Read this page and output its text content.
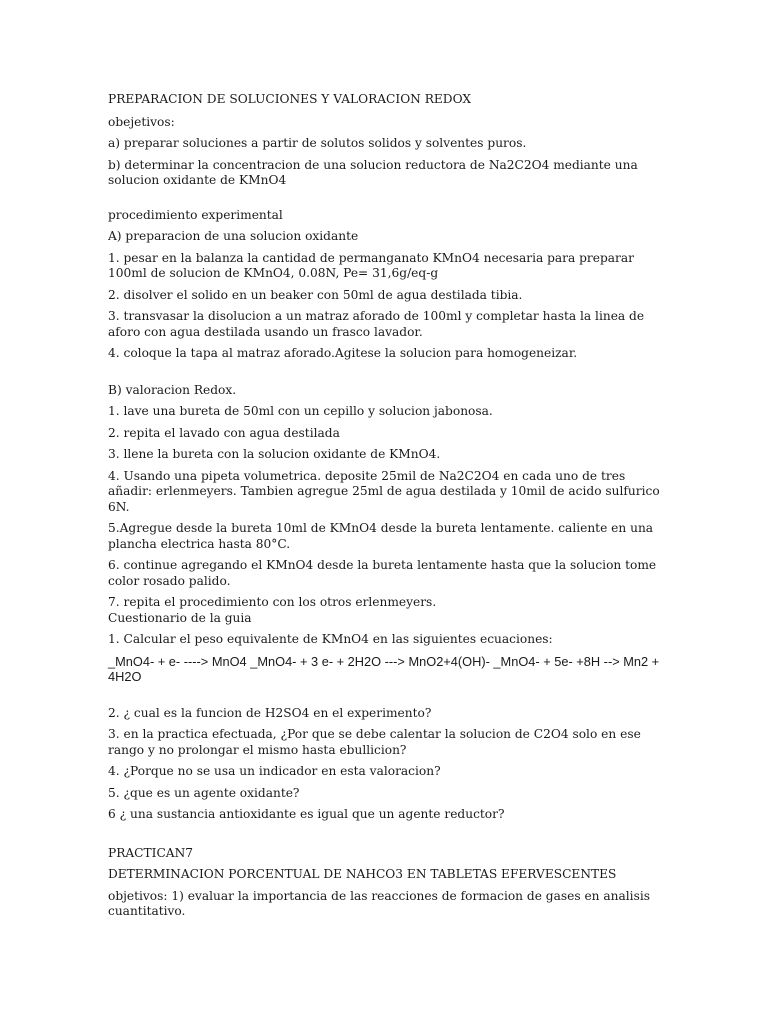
PREPARACION DE SOLUCIONES Y VALORACION REDOX

obejetivos:

a) preparar soluciones a partir de solutos solidos y solventes puros.

b) determinar la concentracion de una solucion reductora de Na2C2O4 mediante una solucion oxidante de KMnO4

procedimiento experimental

A) preparacion de una solucion oxidante

1. pesar en la balanza la cantidad de permanganato KMnO4 necesaria para preparar 100ml de solucion de KMnO4, 0.08N, Pe= 31,6g/eq-g

2. disolver el solido en un beaker con 50ml de agua destilada tibia.

3. transvasar la disolucion a un matraz aforado de 100ml y completar hasta la linea de aforo con agua destilada usando un frasco lavador.

4. coloque la tapa al matraz aforado.Agitese la solucion para homogeneizar.

B) valoracion Redox.

1. lave una bureta de 50ml con un cepillo y solucion jabonosa.

2. repita el lavado con agua destilada

3. llene la bureta con la solucion oxidante de KMnO4.

4. Usando una pipeta volumetrica. deposite 25mil de Na2C2O4 en cada uno de tres añadir: erlenmeyers. Tambien agregue 25ml de agua destilada y 10mil de acido sulfurico 6N.

5.Agregue desde la bureta 10ml de KMnO4 desde la bureta lentamente. caliente en una plancha electrica hasta 80°C.

6. continue agregando el KMnO4 desde la bureta lentamente hasta que la solucion tome color rosado palido.

7. repita el procedimiento con los otros erlenmeyers.

Cuestionario de la guia

1. Calcular el peso equivalente de KMnO4 en las siguientes ecuaciones:

_MnO4- + e- ----> MnO4 _MnO4- + 3 e- + 2H2O ---> MnO2+4(OH)- _MnO4- + 5e- +8H --> Mn2 + 4H2O

2. ¿ cual es la funcion de H2SO4 en el experimento?

3. en la practica efectuada, ¿Por que se debe calentar la solucion de C2O4 solo en ese rango y no prolongar el mismo hasta ebullicion?

4. ¿Porque no se usa un indicador en esta valoracion?

5. ¿que es un agente oxidante?

6 ¿ una sustancia antioxidante es igual que un agente reductor?

PRACTICAN7

DETERMINACION PORCENTUAL DE NAHCO3 EN TABLETAS EFERVESCENTES

objetivos: 1) evaluar la importancia de las reacciones de formacion de gases en analisis cuantitativo.
